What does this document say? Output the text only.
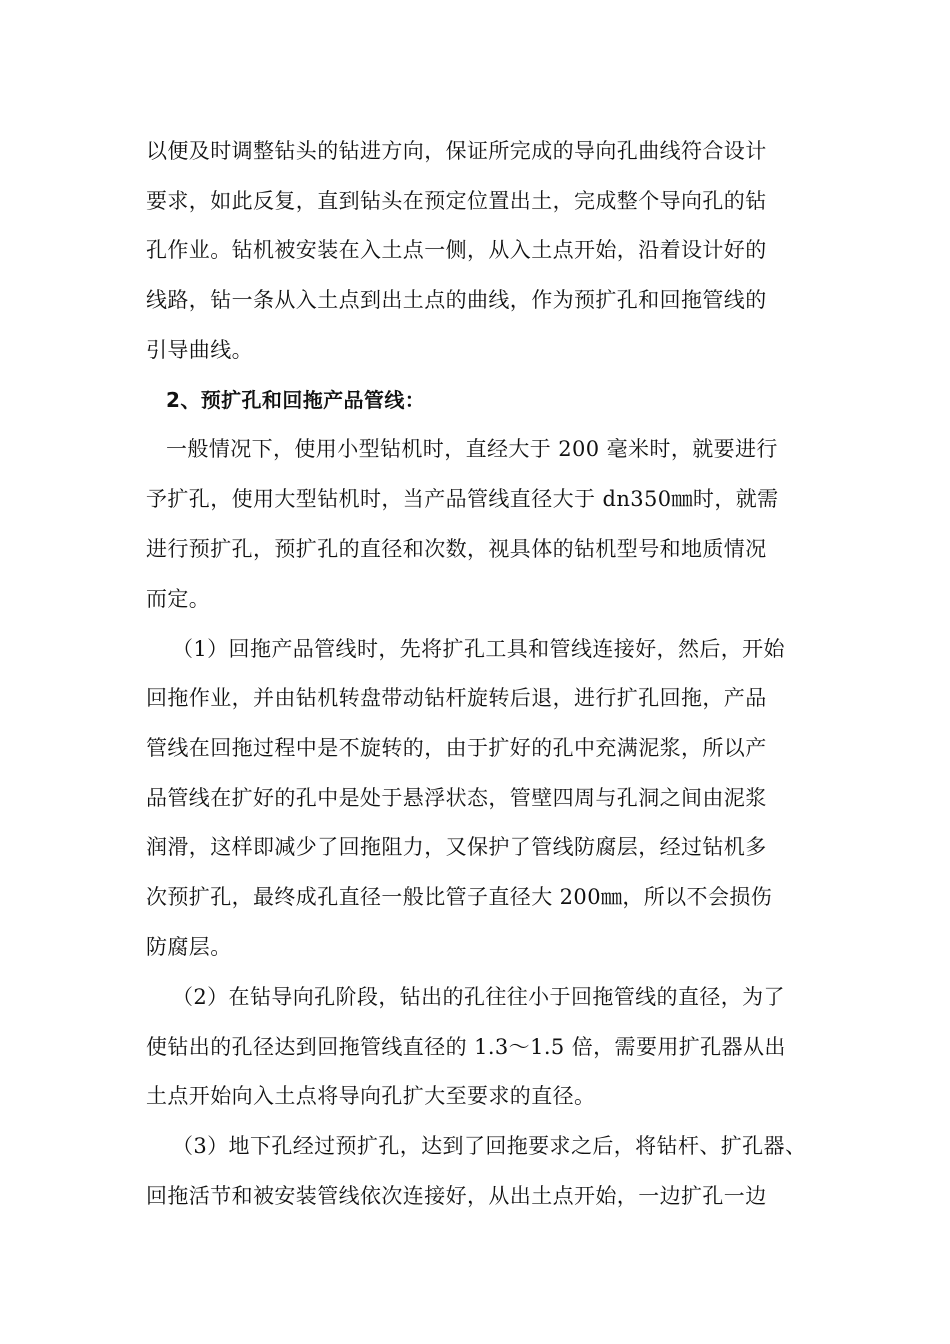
以便及时调整钻头的钻进方向，保证所完成的导向孔曲线符合设计
要求，如此反复，直到钻头在预定位置出土，完成整个导向孔的钻
孔作业。钻机被安装在入土点一侧，从入土点开始，沿着设计好的
线路，钻一条从入土点到出土点的曲线，作为预扩孔和回拖管线的
引导曲线。
2、预扩孔和回拖产品管线：
一般情况下，使用小型钻机时，直经大于 200 毫米时，就要进行
予扩孔，使用大型钻机时，当产品管线直径大于 dn350㎜时，就需
进行预扩孔，预扩孔的直径和次数，视具体的钻机型号和地质情况
而定。
（1）回拖产品管线时，先将扩孔工具和管线连接好，然后，开始
回拖作业，并由钻机转盘带动钻杆旋转后退，进行扩孔回拖，产品
管线在回拖过程中是不旋转的，由于扩好的孔中充满泥浆，所以产
品管线在扩好的孔中是处于悬浮状态，管壁四周与孔洞之间由泥浆
润滑，这样即减少了回拖阻力，又保护了管线防腐层，经过钻机多
次预扩孔，最终成孔直径一般比管子直径大 200㎜，所以不会损伤
防腐层。
（2）在钻导向孔阶段，钻出的孔往往小于回拖管线的直径，为了
使钻出的孔径达到回拖管线直径的 1.3～1.5 倍，需要用扩孔器从出
土点开始向入土点将导向孔扩大至要求的直径。
（3）地下孔经过预扩孔，达到了回拖要求之后，将钻杆、扩孔器、
回拖活节和被安装管线依次连接好，从出土点开始，一边扩孔一边
